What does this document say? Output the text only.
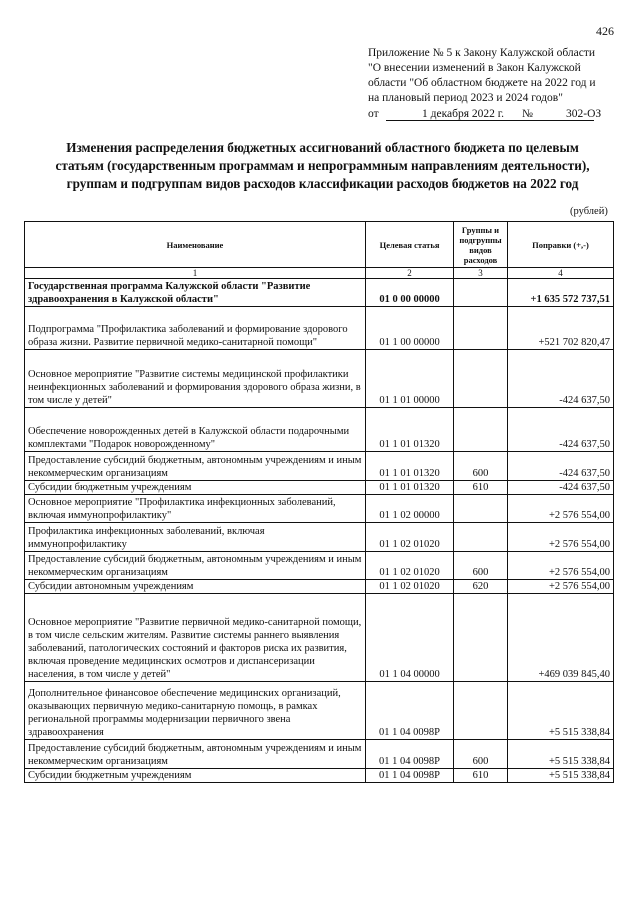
426
Приложение № 5 к Закону Калужской области
"О внесении изменений в Закон Калужской
области "Об областном бюджете на 2022 год и
на плановый период 2023 и 2024 годов"
от	1 декабря 2022 г. №	302-ОЗ
Изменения распределения бюджетных ассигнований областного бюджета по целевым
статьям (государственным программам и непрограммным направлениям деятельности),
группам и подгруппам видов расходов классификации расходов бюджетов на 2022 год
(рублей)
Наименование	Целевая статья	Группы и подгруппы видов расходов	Поправки (+,-)
1	2	3	4
Государственная программа Калужской области "Развитие здравоохранения в Калужской области"	01 0 00 00000		+1 635 572 737,51
Подпрограмма "Профилактика заболеваний и формирование здорового образа жизни. Развитие первичной медико-санитарной помощи"	01 1 00 00000		+521 702 820,47
Основное мероприятие "Развитие системы медицинской профилактики неинфекционных заболеваний и формирования здорового образа жизни, в том числе у детей"	01 1 01 00000		-424 637,50
Обеспечение новорожденных детей в Калужской области подарочными комплектами "Подарок новорожденному"	01 1 01 01320		-424 637,50
Предоставление субсидий бюджетным, автономным учреждениям и иным некоммерческим организациям	01 1 01 01320	600	-424 637,50
Субсидии бюджетным учреждениям	01 1 01 01320	610	-424 637,50
Основное мероприятие "Профилактика инфекционных заболеваний, включая иммунопрофилактику"	01 1 02 00000		+2 576 554,00
Профилактика инфекционных заболеваний, включая иммунопрофилактику	01 1 02 01020		+2 576 554,00
Предоставление субсидий бюджетным, автономным учреждениям и иным некоммерческим организациям	01 1 02 01020	600	+2 576 554,00
Субсидии автономным учреждениям	01 1 02 01020	620	+2 576 554,00
Основное мероприятие "Развитие первичной медико-санитарной помощи, в том числе сельским жителям. Развитие системы раннего выявления заболеваний, патологических состояний и факторов риска их развития, включая проведение медицинских осмотров и диспансеризации населения, в том числе у детей"	01 1 04 00000		+469 039 845,40
Дополнительное финансовое обеспечение медицинских организаций, оказывающих первичную медико-санитарную помощь, в рамках региональной программы модернизации первичного звена здравоохранения	01 1 04 0098Р		+5 515 338,84
Предоставление субсидий бюджетным, автономным учреждениям и иным некоммерческим организациям	01 1 04 0098Р	600	+5 515 338,84
Субсидии бюджетным учреждениям	01 1 04 0098Р	610	+5 515 338,84
